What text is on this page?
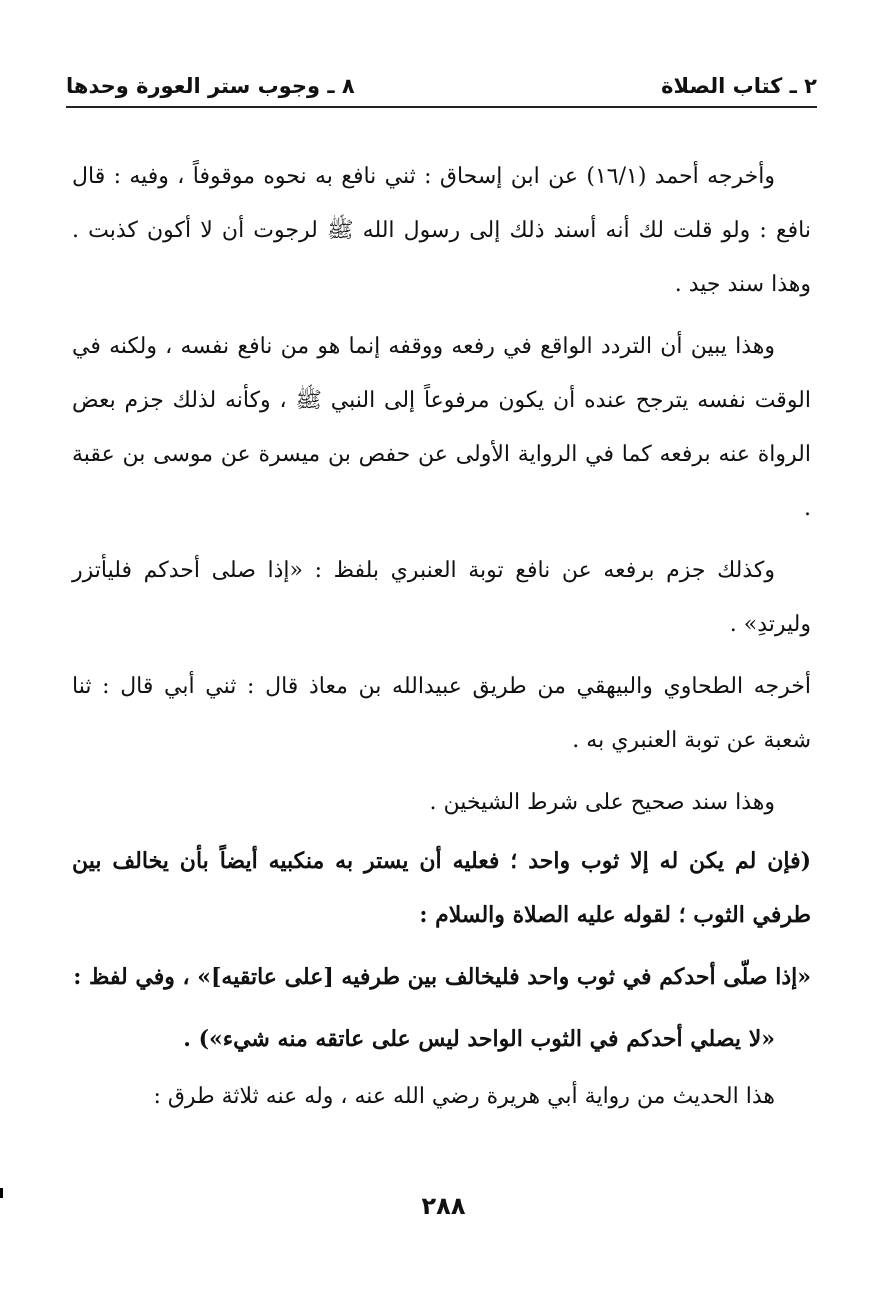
٢ ـ كتاب الصلاة
٨ ـ وجوب ستر العورة وحدها

وأخرجه أحمد (١٦/١) عن ابن إسحاق : ثني نافع به نحوه موقوفاً ، وفيه : قال نافع : ولو قلت لك أنه أسند ذلك إلى رسول الله ﷺ لرجوت أن لا أكون كذبت . وهذا سند جيد .

وهذا يبين أن التردد الواقع في رفعه ووقفه إنما هو من نافع نفسه ، ولكنه في الوقت نفسه يترجح عنده أن يكون مرفوعاً إلى النبي ﷺ ، وكأنه لذلك جزم بعض الرواة عنه برفعه كما في الرواية الأولى عن حفص بن ميسرة عن موسى بن عقبة .

وكذلك جزم برفعه عن نافع توبة العنبري بلفظ : «إذا صلى أحدكم فليأتزر وليرتدِ» .

أخرجه الطحاوي والبيهقي من طريق عبيدالله بن معاذ قال : ثني أبي قال : ثنا شعبة عن توبة العنبري به .

وهذا سند صحيح على شرط الشيخين .

(فإن لم يكن له إلا ثوب واحد ؛ فعليه أن يستر به منكبيه أيضاً بأن يخالف بين طرفي الثوب ؛ لقوله عليه الصلاة والسلام :

«إذا صلّى أحدكم في ثوب واحد فليخالف بين طرفيه [على عاتقيه]» ، وفي لفظ :

«لا يصلي أحدكم في الثوب الواحد ليس على عاتقه منه شيء») .

هذا الحديث من رواية أبي هريرة رضي الله عنه ، وله عنه ثلاثة طرق :

٢٨٨
